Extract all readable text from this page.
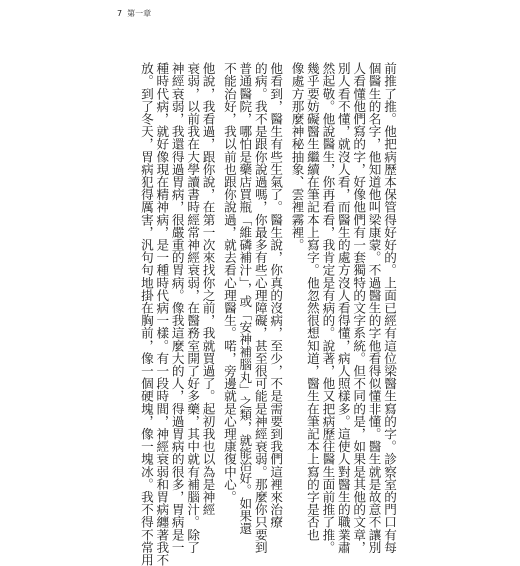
7 第一章
前推了推。他把病歷本保管得好好的。上面已經有這位梁醫生寫的字。診察室的門口有每
個醫生的名字，他知道他叫梁康蒙。不過醫生的字他看得似懂非懂。醫生就是故意不讓別
人看懂他們寫的字，好像他們有一套獨特的文字系統。但不同的是，如果是其他的文章，
別人看不懂，就沒人看，而醫生的處方沒人看得懂，病人照樣多。這使人對醫生的職業肅
然起敬。他說醫生，你再看看，我肯定是有病的。說著，他又把病歷往醫生面前推了推。
幾乎要妨礙醫生繼續在筆記本上寫字。他忽然很想知道，醫生在筆記本上寫的字是否也
像處方那麼神秘抽象、雲裡霧裡。
他看到，醫生有些生氣了。醫生說，你真的沒病，至少，不是需要到我們這裡來治療
的病。我不是跟你說過嗎，你最多有些心理障礙，甚至很可能是神經衰弱。那麼你只要到
普通醫院，哪怕是藥店買瓶「維磷補汁」，或「安神補腦丸」之類，就能治好。如果還
不能治好，我以前也跟你說過，就去看心理醫生。喏，旁邊就是心理康復中心。
他說，我看過，跟你說，在第一次來找你之前，我就買過了。起初我也以為是神經
衰弱，以前我在大學讀書時經常神經衰弱，在醫務室開了好多藥，其中就有補腦汁。除了
神經衰弱，我還得過胃病，很嚴重的胃病。像我這麼大的人，得過胃病的很多，胃病是一
種時代病，就好像現在精神病，是一種時代病一樣。有一段時間，神經衰弱和胃病纏著我不
放。到了冬天，胃病犯得厲害，汎句句地掛在胸前，像一個硬塊，像一塊冰。我不得不常用
